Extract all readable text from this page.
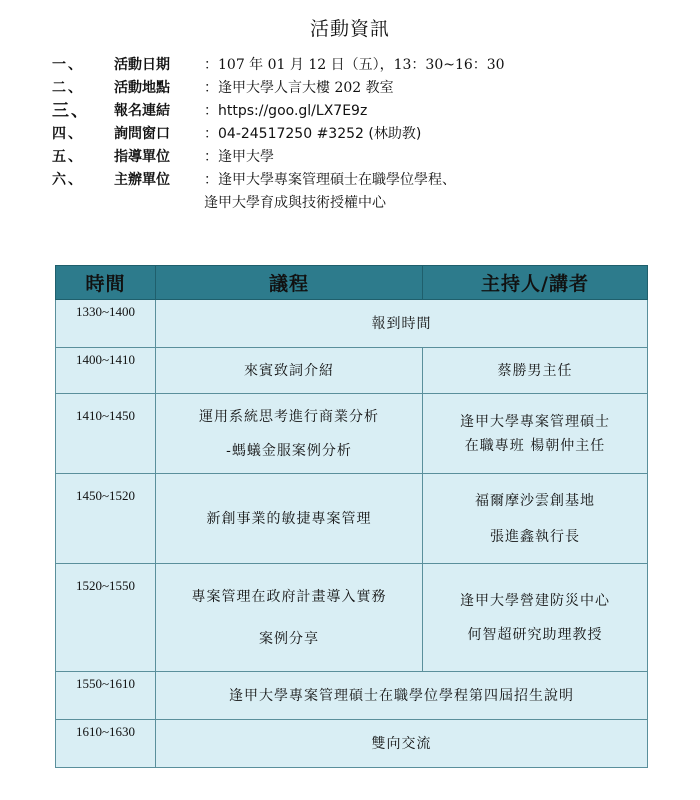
活動資訊
一、	活動日期	：107 年 01 月 12 日（五），13：30~16：30
二、	活動地點	：逢甲大學人言大樓 202 教室
三、	報名連結	：https://goo.gl/LX7E9z
四、	詢問窗口	：04-24517250 #3252 (林助教)
五、	指導單位	：逢甲大學
六、	主辦單位	：逢甲大學專案管理碩士在職學位學程、
逢甲大學育成與技術授權中心
時間	議程	主持人/講者
1330~1400	報到時間	

1400~1410	來賓致詞介紹	蔡勝男主任

1410~1450	運用系統思考進行商業分析
-螞蟻金服案例分析	逢甲大學專案管理碩士
在職專班 楊朝仲主任

1450~1520	新創事業的敏捷專案管理	福爾摩沙雲創基地
張進鑫執行長

1520~1550	專案管理在政府計畫導入實務
案例分享	逢甲大學營建防災中心
何智超研究助理教授

1550~1610	逢甲大學專案管理碩士在職學位學程第四屆招生說明	

1610~1630	雙向交流	
